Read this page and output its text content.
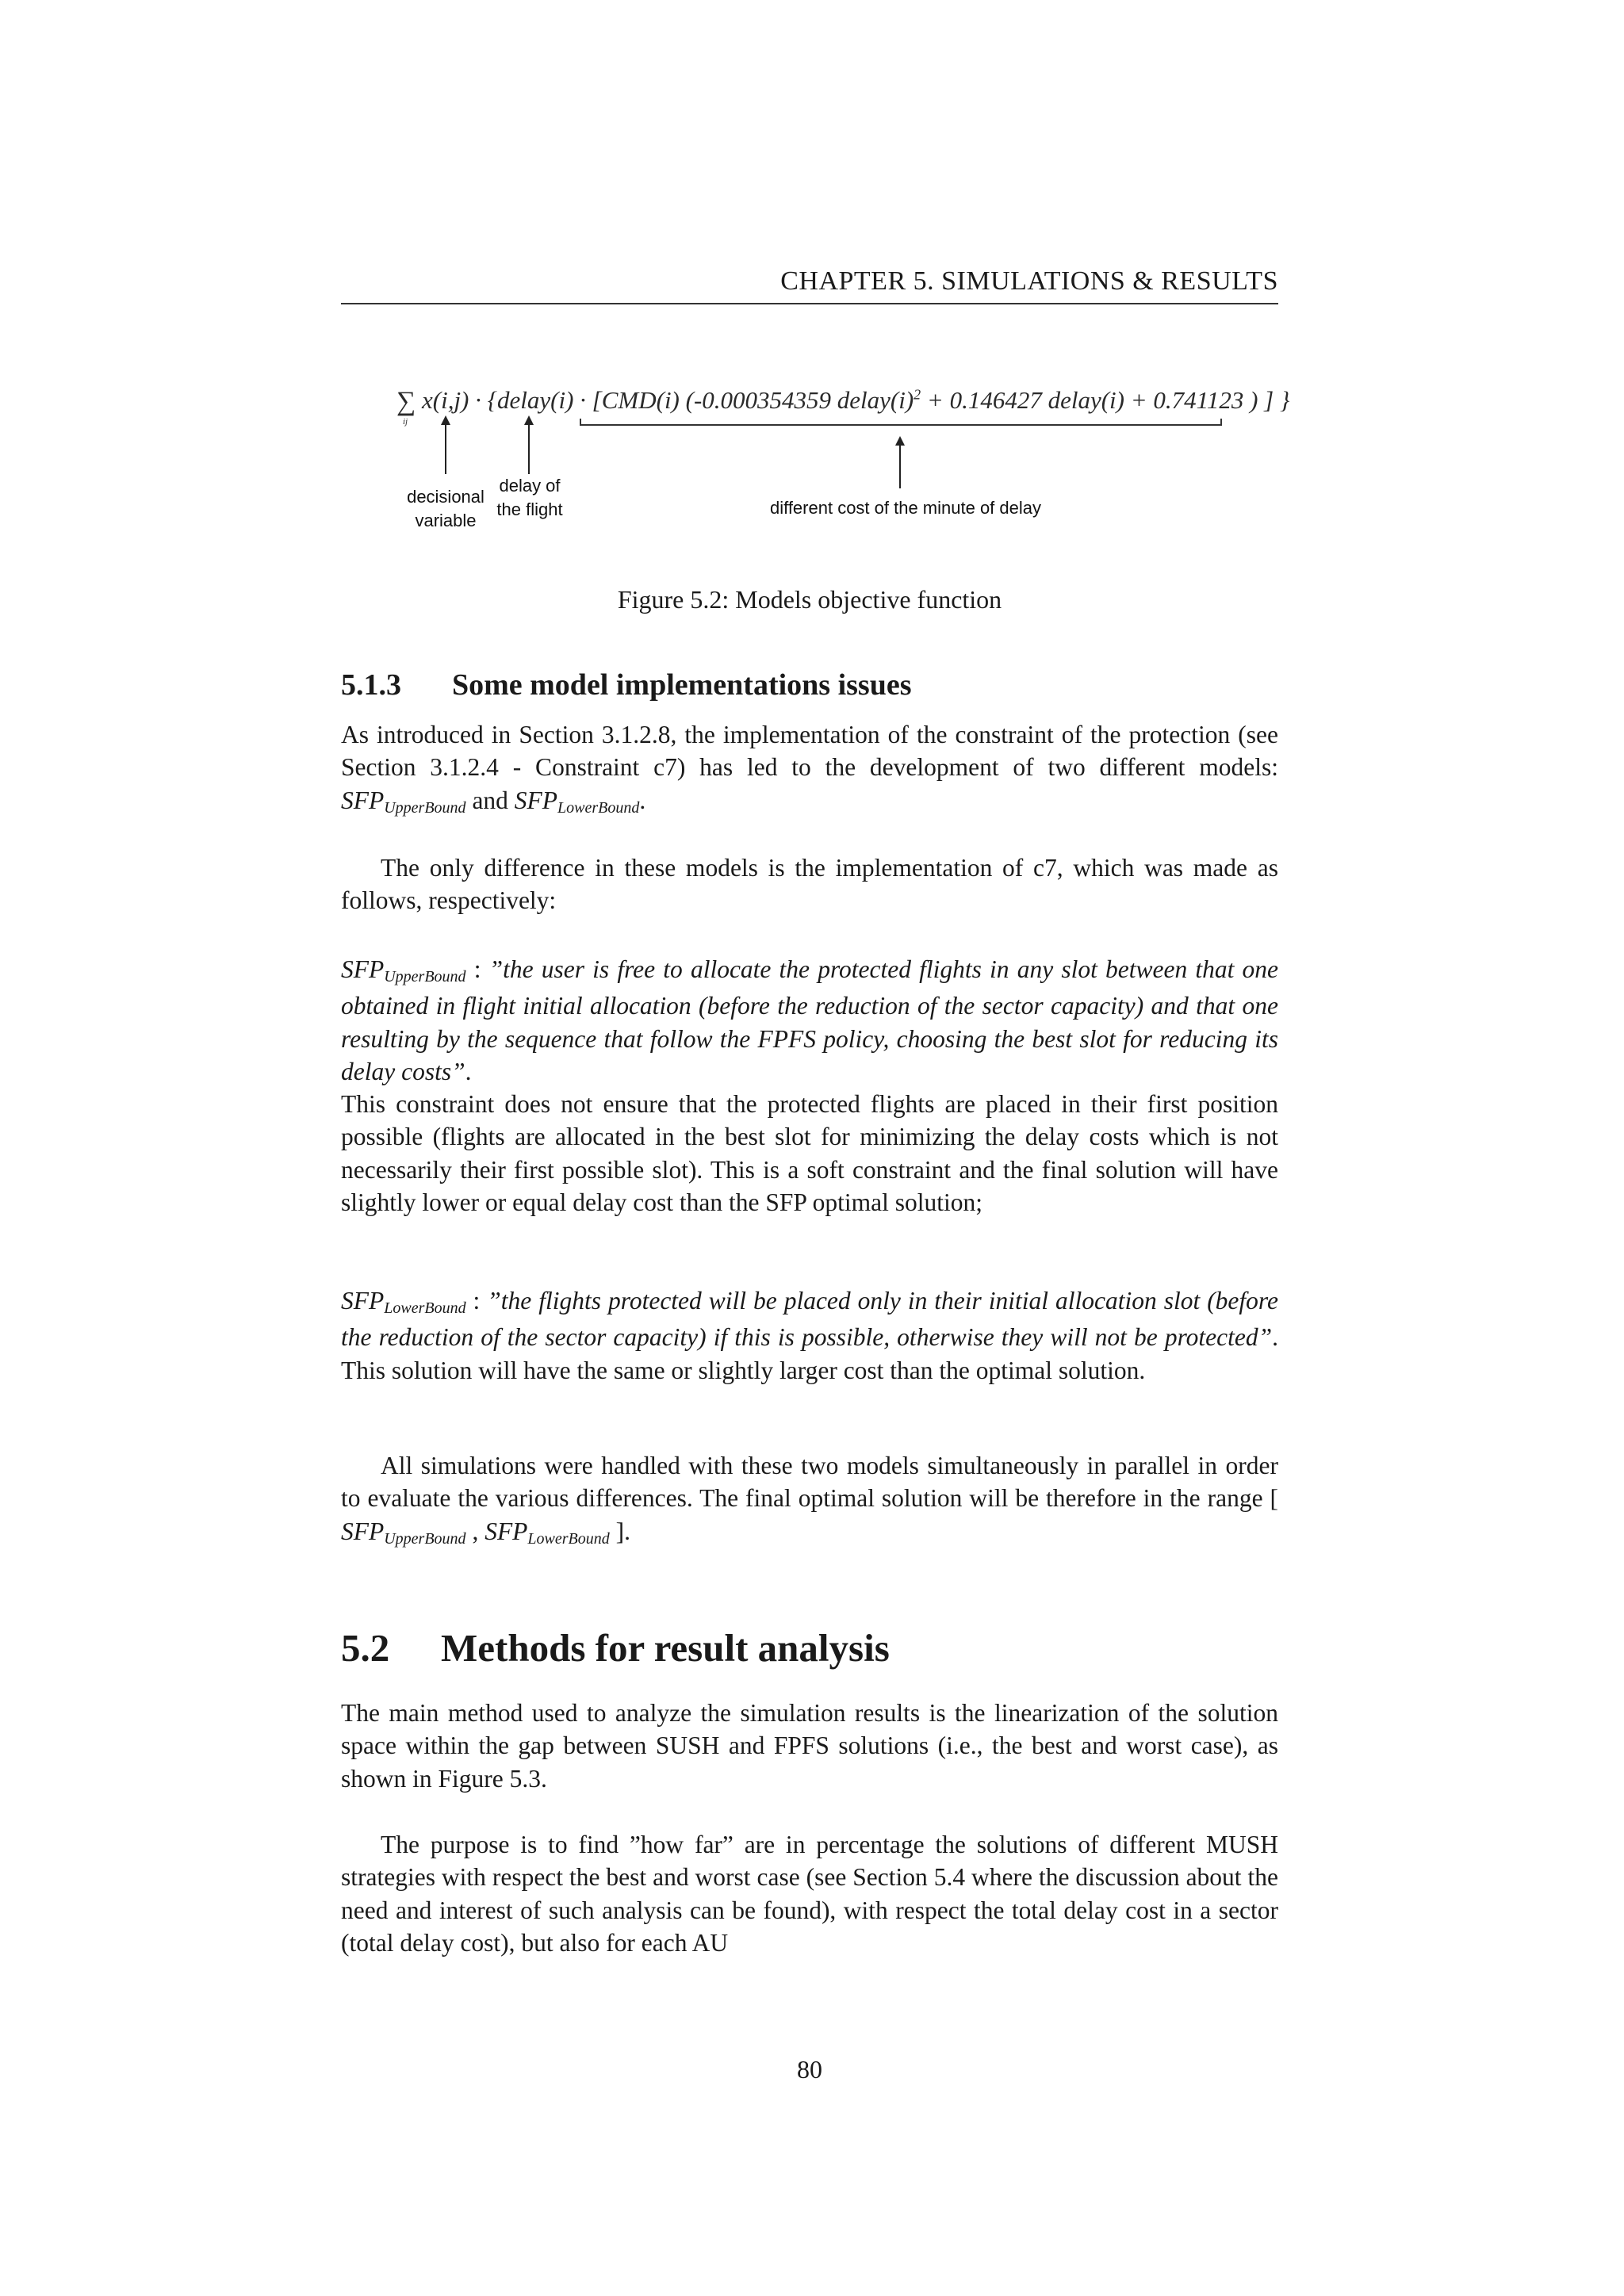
CHAPTER 5. SIMULATIONS & RESULTS
∑
ij
x(i,j) · {delay(i) · [CMD(i) (-0.000354359 $delay(i)^2 + 0.146427$ delay(i) + 0.741123 ) ] }
decisional variable
delay of the flight	different cost of the minute of delay
Figure 5.2: Models objective function
5.1.3 Some model implementations issues

As introduced in Section 3.1.2.8, the implementation of the constraint of the protection (see Section 3.1.2.4 - Constraint c7) has led to the development of two different models: $SFP_{UpperBound}$ and $SFP_{LowerBound}$.

The only difference in these models is the implementation of c7, which was made as follows, respectively:

$SFP_{UpperBound}$ : ”the user is free to allocate the protected flights in any slot between that one obtained in flight initial allocation (before the reduction of the sector capacity) and that one resulting by the sequence that follow the FPFS policy, choosing the best slot for reducing its delay costs”.
This constraint does not ensure that the protected flights are placed in their first position possible (flights are allocated in the best slot for minimizing the delay costs which is not necessarily their first possible slot). This is a soft constraint and the final solution will have slightly lower or equal delay cost than the SFP optimal solution;
$SFP_{LowerBound}$ : ”the flights protected will be placed only in their initial allocation slot (before the reduction of the sector capacity) if this is possible, otherwise they will not be protected”. This solution will have the same or slightly larger cost than the optimal solution.

All simulations were handled with these two models simultaneously in parallel in order to evaluate the various differences. The final optimal solution will be therefore in the range [ $SFP_{UpperBound}$ , $SFP_{LowerBound}$ ].

5.2 Methods for result analysis

The main method used to analyze the simulation results is the linearization of the solution space within the gap between SUSH and FPFS solutions (i.e., the best and worst case), as shown in Figure 5.3.

The purpose is to find ”how far” are in percentage the solutions of different MUSH strategies with respect the best and worst case (see Section 5.4 where the discussion about the need and interest of such analysis can be found), with respect the total delay cost in a sector (total delay cost), but also for each AU

80
